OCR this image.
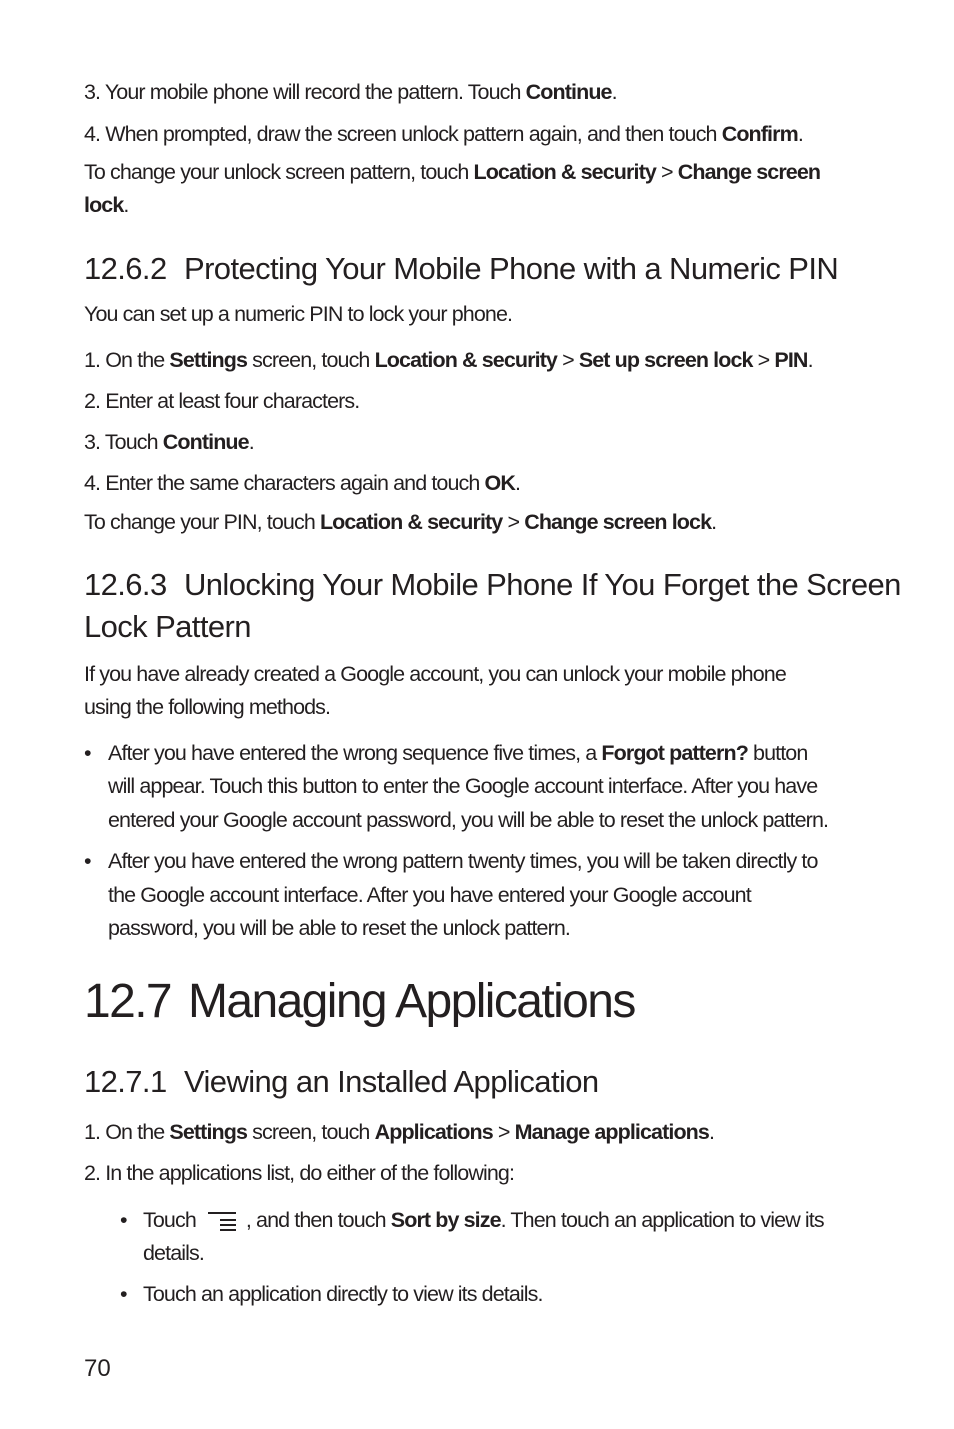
3. Your mobile phone will record the pattern. Touch Continue.

4. When prompted, draw the screen unlock pattern again, and then touch Confirm.

To change your unlock screen pattern, touch Location & security > Change screen

lock.

12.6.2 Protecting Your Mobile Phone with a Numeric PIN

You can set up a numeric PIN to lock your phone.

1. On the Settings screen, touch Location & security > Set up screen lock > PIN.

2. Enter at least four characters.

3. Touch Continue.

4. Enter the same characters again and touch OK.

To change your PIN, touch Location & security > Change screen lock.

12.6.3 Unlocking Your Mobile Phone If You Forget the Screen
Lock Pattern

If you have already created a Google account, you can unlock your mobile phone

using the following methods.

• After you have entered the wrong sequence five times, a Forgot pattern? button
will appear. Touch this button to enter the Google account interface. After you have
entered your Google account password, you will be able to reset the unlock pattern.
• After you have entered the wrong pattern twenty times, you will be taken directly to
the Google account interface. After you have entered your Google account
password, you will be able to reset the unlock pattern.
12.7 Managing Applications
12.7.1 Viewing an Installed Application

1. On the Settings screen, touch Applications > Manage applications.

2. In the applications list, do either of the following:

• Touch , and then touch Sort by size. Then touch an application to view its
details.
• Touch an application directly to view its details.
70
